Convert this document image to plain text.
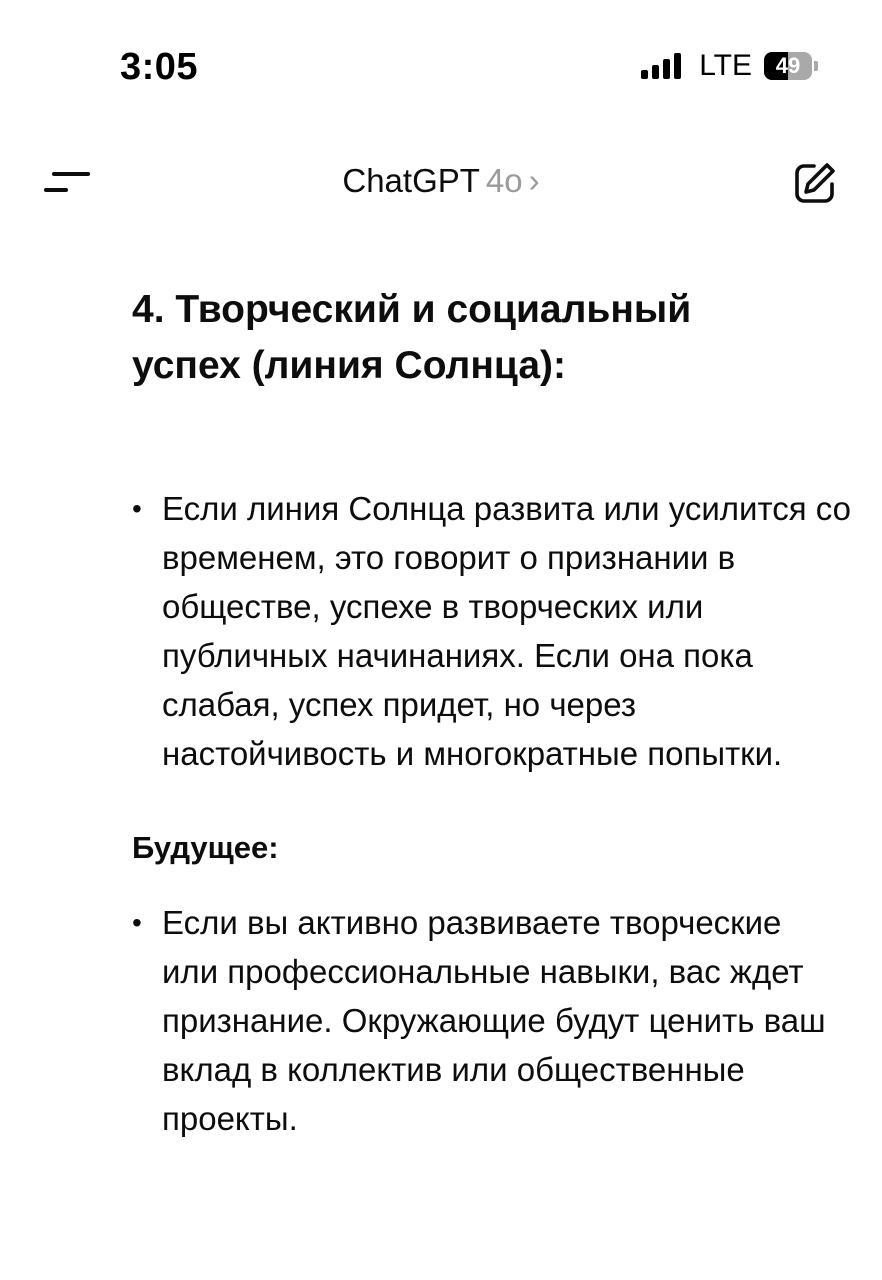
3:05	LTE	49
ChatGPT 4o ›
4. Творческий и социальный успех (линия Солнца):
• Если линия Солнца развита или усилится со временем, это говорит о признании в обществе, успехе в творческих или публичных начинаниях. Если она пока слабая, успех придет, но через настойчивость и многократные попытки.
Будущее:
• Если вы активно развиваете творческие или профессиональные навыки, вас ждет признание. Окружающие будут ценить ваш вклад в коллектив или общественные проекты.
